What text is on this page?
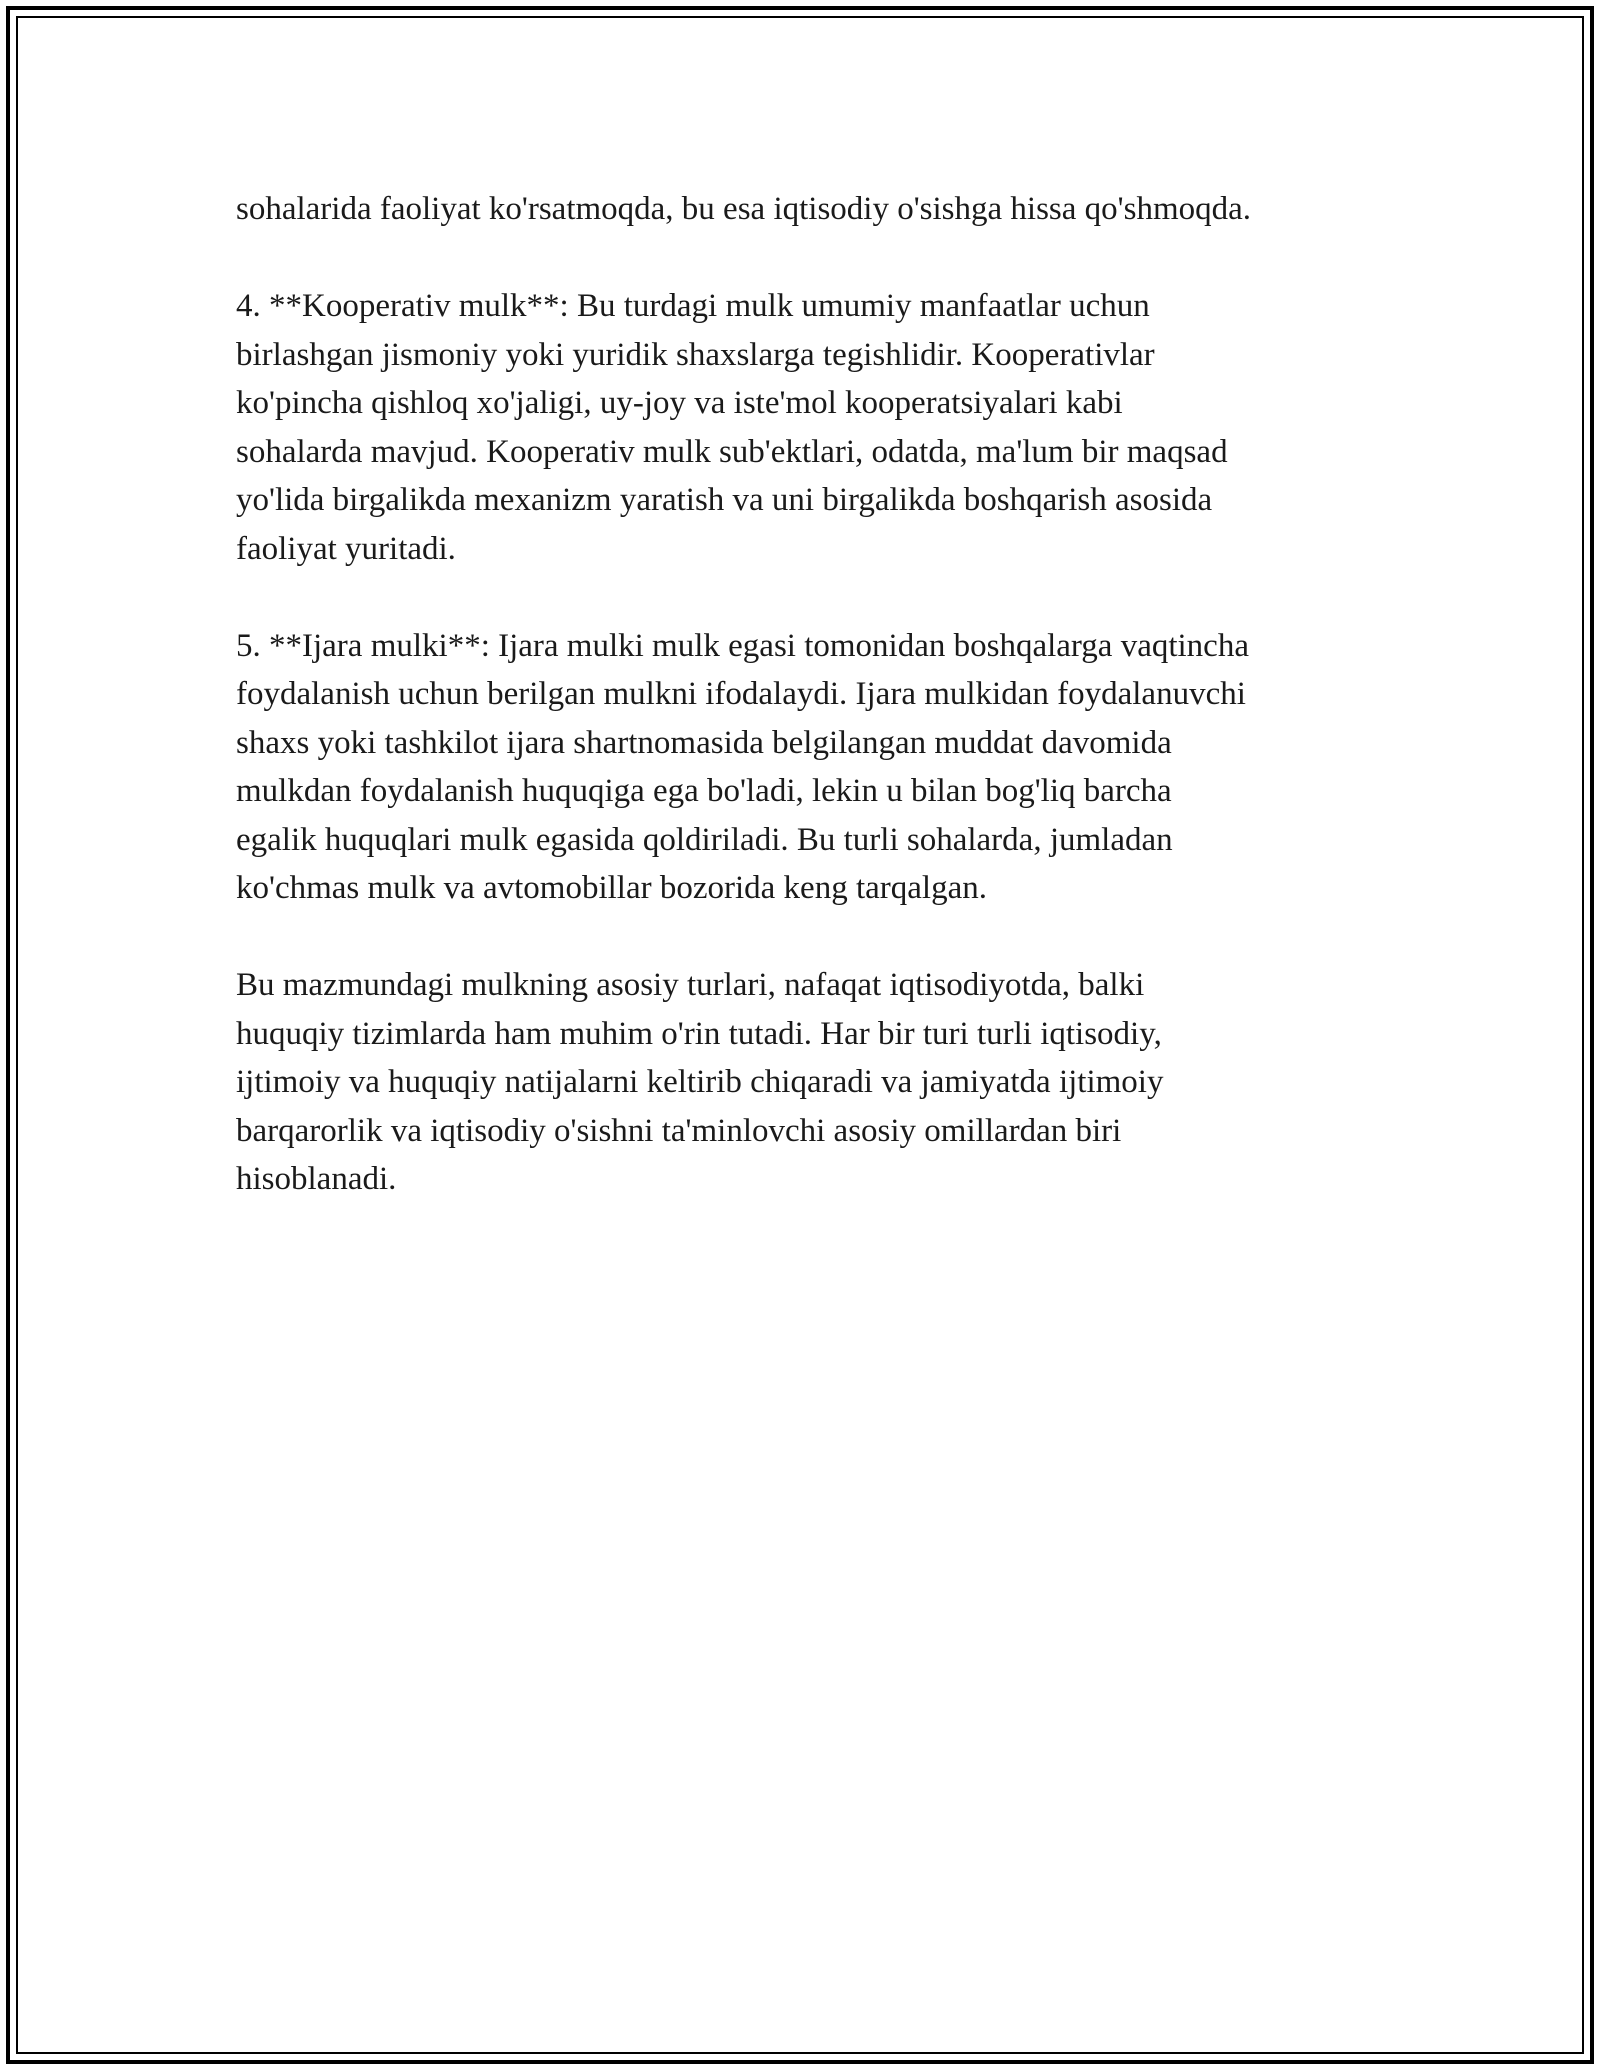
sohalarida faoliyat ko'rsatmoqda, bu esa iqtisodiy o'sishga hissa qo'shmoqda.

4. **Kooperativ mulk**: Bu turdagi mulk umumiy manfaatlar uchun
birlashgan jismoniy yoki yuridik shaxslarga tegishlidir. Kooperativlar
ko'pincha qishloq xo'jaligi, uy-joy va iste'mol kooperatsiyalari kabi
sohalarda mavjud. Kooperativ mulk sub'ektlari, odatda, ma'lum bir maqsad
yo'lida birgalikda mexanizm yaratish va uni birgalikda boshqarish asosida
faoliyat yuritadi.

5. **Ijara mulki**: Ijara mulki mulk egasi tomonidan boshqalarga vaqtincha
foydalanish uchun berilgan mulkni ifodalaydi. Ijara mulkidan foydalanuvchi
shaxs yoki tashkilot ijara shartnomasida belgilangan muddat davomida
mulkdan foydalanish huquqiga ega bo'ladi, lekin u bilan bog'liq barcha
egalik huquqlari mulk egasida qoldiriladi. Bu turli sohalarda, jumladan
ko'chmas mulk va avtomobillar bozorida keng tarqalgan.

Bu mazmundagi mulkning asosiy turlari, nafaqat iqtisodiyotda, balki
huquqiy tizimlarda ham muhim o'rin tutadi. Har bir turi turli iqtisodiy,
ijtimoiy va huquqiy natijalarni keltirib chiqaradi va jamiyatda ijtimoiy
barqarorlik va iqtisodiy o'sishni ta'minlovchi asosiy omillardan biri
hisoblanadi.
